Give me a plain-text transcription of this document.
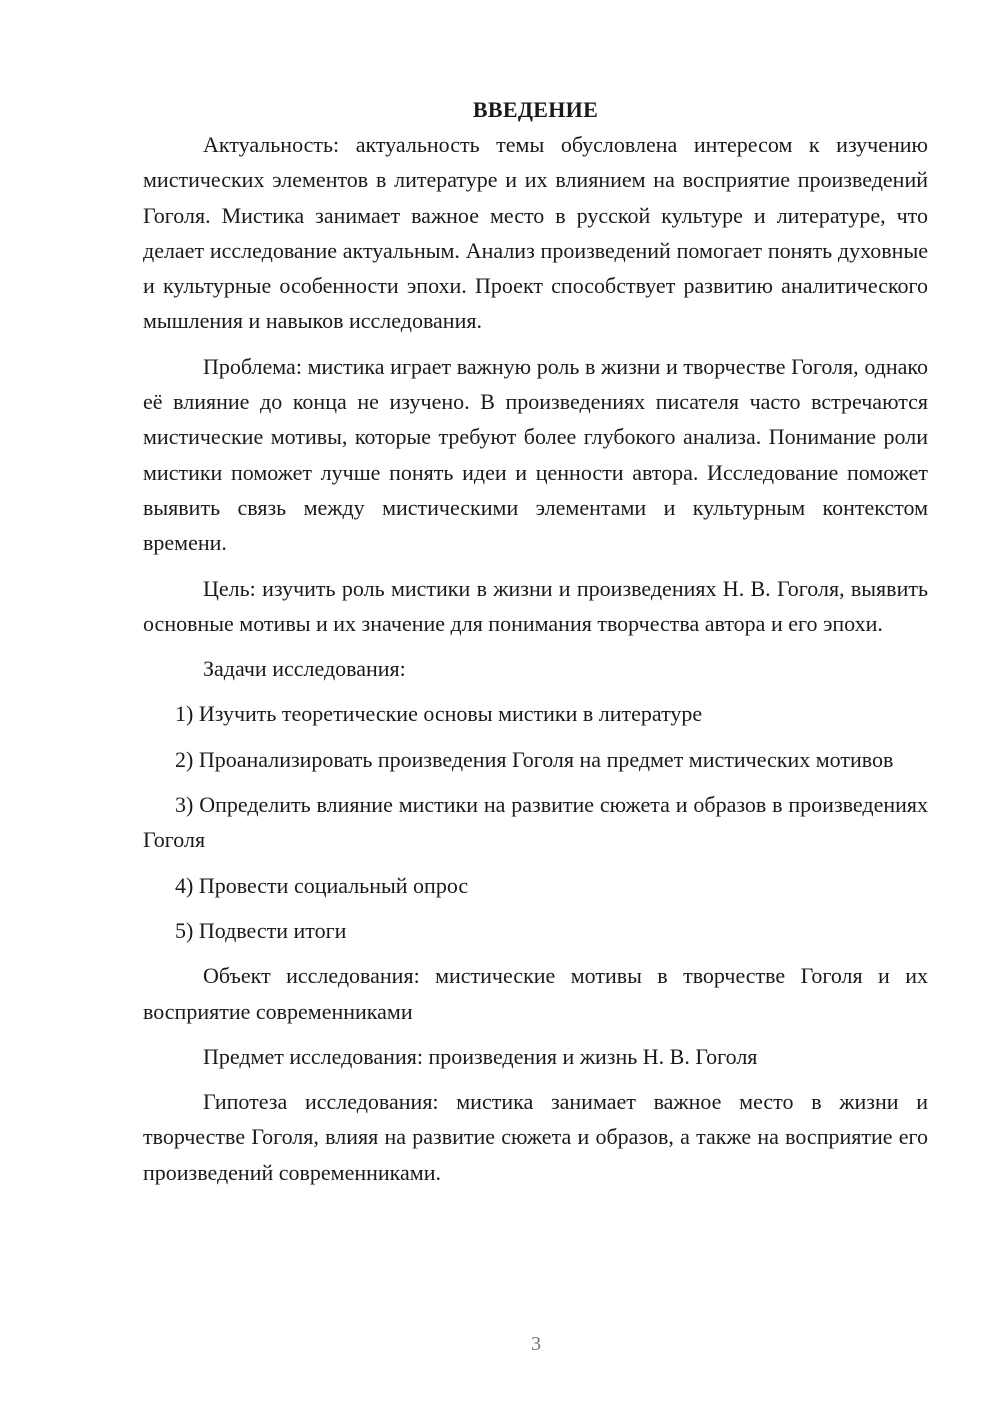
ВВЕДЕНИЕ

Актуальность: актуальность темы обусловлена интересом к изучению мистических элементов в литературе и их влиянием на восприятие произведений Гоголя. Мистика занимает важное место в русской культуре и литературе, что делает исследование актуальным. Анализ произведений помогает понять духовные и культурные особенности эпохи. Проект способствует развитию аналитического мышления и навыков исследования.

Проблема: мистика играет важную роль в жизни и творчестве Гоголя, однако её влияние до конца не изучено. В произведениях писателя часто встречаются мистические мотивы, которые требуют более глубокого анализа. Понимание роли мистики поможет лучше понять идеи и ценности автора. Исследование поможет выявить связь между мистическими элементами и культурным контекстом времени.

Цель: изучить роль мистики в жизни и произведениях Н. В. Гоголя, выявить основные мотивы и их значение для понимания творчества автора и его эпохи.

Задачи исследования:

1) Изучить теоретические основы мистики в литературе

2) Проанализировать произведения Гоголя на предмет мистических мотивов

3) Определить влияние мистики на развитие сюжета и образов в произведениях Гоголя

4) Провести социальный опрос

5) Подвести итоги

Объект исследования: мистические мотивы в творчестве Гоголя и их восприятие современниками

Предмет исследования: произведения и жизнь Н. В. Гоголя

Гипотеза исследования: мистика занимает важное место в жизни и творчестве Гоголя, влияя на развитие сюжета и образов, а также на восприятие его произведений современниками.

3
